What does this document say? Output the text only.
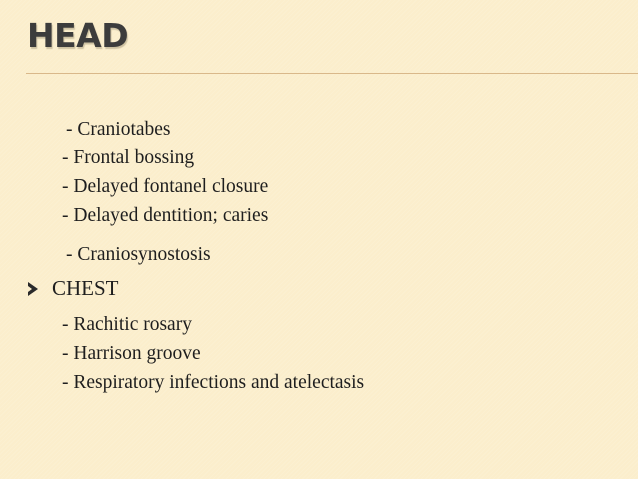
HEAD
- Craniotabes
- Frontal bossing
- Delayed fontanel closure
- Delayed dentition; caries
- Craniosynostosis
CHEST
- Rachitic rosary
- Harrison groove
- Respiratory infections and atelectasis
